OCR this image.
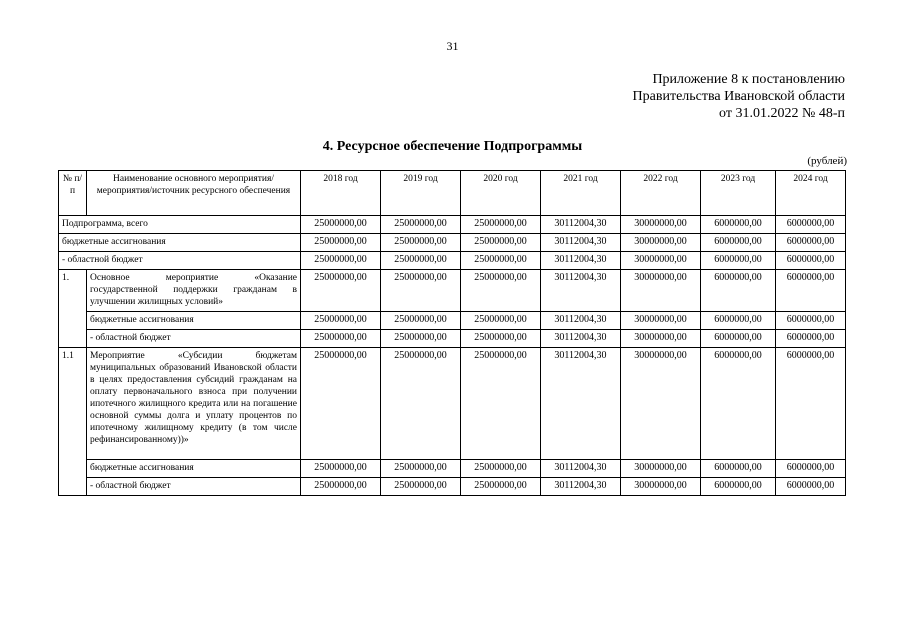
31
Приложение 8 к постановлению
Правительства Ивановской области
от 31.01.2022 № 48-п
4. Ресурсное обеспечение Подпрограммы
(рублей)
№ п/п	Наименование основного мероприятия/мероприятия/источник ресурсного обеспечения	2018 год	2019 год	2020 год	2021 год	2022 год	2023 год	2024 год
Подпрограмма, всего		25000000,00	25000000,00	25000000,00	30112004,30	30000000,00	6000000,00	6000000,00
бюджетные ассигнования		25000000,00	25000000,00	25000000,00	30112004,30	30000000,00	6000000,00	6000000,00
- областной бюджет		25000000,00	25000000,00	25000000,00	30112004,30	30000000,00	6000000,00	6000000,00
1.	Основное мероприятие «Оказание государственной поддержки гражданам в улучшении жилищных условий»	25000000,00	25000000,00	25000000,00	30112004,30	30000000,00	6000000,00	6000000,00
	бюджетные ассигнования	25000000,00	25000000,00	25000000,00	30112004,30	30000000,00	6000000,00	6000000,00
	- областной бюджет	25000000,00	25000000,00	25000000,00	30112004,30	30000000,00	6000000,00	6000000,00
1.1	Мероприятие «Субсидии бюджетам муниципальных образований Ивановской области в целях предоставления субсидий гражданам на оплату первоначального взноса при получении ипотечного жилищного кредита или на погашение основной суммы долга и уплату процентов по ипотечному жилищному кредиту (в том числе рефинансированному))»	25000000,00	25000000,00	25000000,00	30112004,30	30000000,00	6000000,00	6000000,00
	бюджетные ассигнования	25000000,00	25000000,00	25000000,00	30112004,30	30000000,00	6000000,00	6000000,00
	- областной бюджет	25000000,00	25000000,00	25000000,00	30112004,30	30000000,00	6000000,00	6000000,00
